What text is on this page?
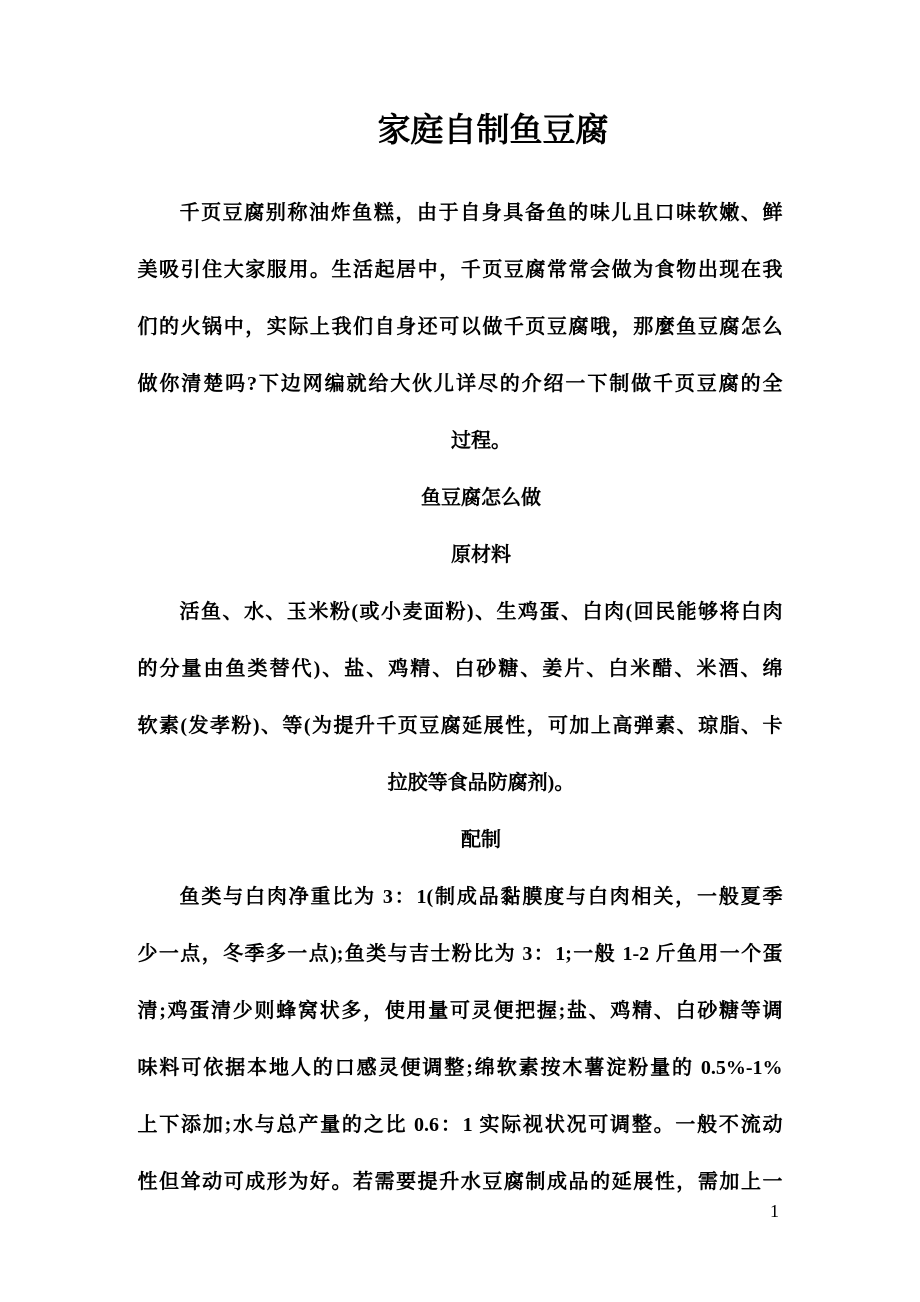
家庭自制鱼豆腐
千页豆腐别称油炸鱼糕，由于自身具备鱼的味儿且口味软嫩、鲜
美吸引住大家服用。生活起居中，千页豆腐常常会做为食物出现在我
们的火锅中，实际上我们自身还可以做千页豆腐哦，那麼鱼豆腐怎么
做你清楚吗?下边网编就给大伙儿详尽的介绍一下制做千页豆腐的全
过程。
鱼豆腐怎么做
原材料
活鱼、水、玉米粉(或小麦面粉)、生鸡蛋、白肉(回民能够将白肉
的分量由鱼类替代)、盐、鸡精、白砂糖、姜片、白米醋、米酒、绵
软素(发孝粉)、等(为提升千页豆腐延展性，可加上高弹素、琼脂、卡
拉胶等食品防腐剂)。
配制
鱼类与白肉净重比为 3：1(制成品黏膜度与白肉相关，一般夏季
少一点，冬季多一点);鱼类与吉士粉比为 3：1;一般 1-2 斤鱼用一个蛋
清;鸡蛋清少则蜂窝状多，使用量可灵便把握;盐、鸡精、白砂糖等调
味料可依据本地人的口感灵便调整;绵软素按木薯淀粉量的 0.5%-1%
上下添加;水与总产量的之比 0.6：1 实际视状况可调整。一般不流动
性但耸动可成形为好。若需要提升水豆腐制成品的延展性，需加上一
1
